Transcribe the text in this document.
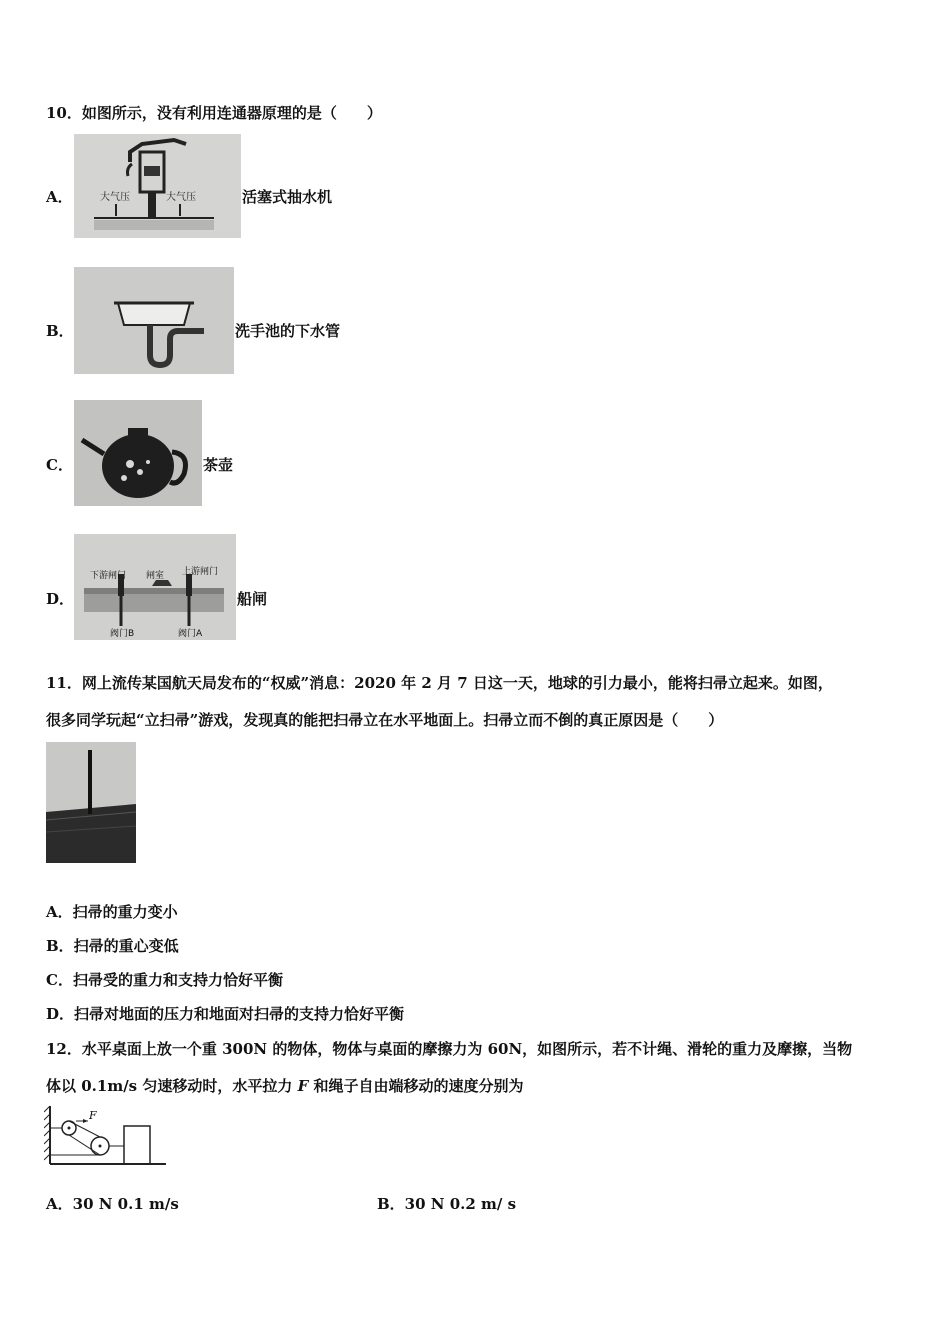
10．如图所示，没有利用连通器原理的是（　　）
A．	大气压	大气压	活塞式抽水机
B．	洗手池的下水管
C．	茶壶
D．
下游闸门 闸室 上游闸门
阀门B	阀门A
船闸
11．网上流传某国航天局发布的“权威”消息：2020 年 2 月 7 日这一天，地球的引力最小，能将扫帚立起来。如图，
很多同学玩起“立扫帚”游戏，发现真的能把扫帚立在水平地面上。扫帚立而不倒的真正原因是（　　）
A．扫帚的重力变小
B．扫帚的重心变低
C．扫帚受的重力和支持力恰好平衡
D．扫帚对地面的压力和地面对扫帚的支持力恰好平衡
12．水平桌面上放一个重 300N 的物体，物体与桌面的摩擦力为 60N，如图所示，若不计绳、滑轮的重力及摩擦，当物
体以 0.1m/s 匀速移动时，水平拉力 F 和绳子自由端移动的速度分别为
F
A．30 N 0.1 m/s	B．30 N 0.2 m/ s
